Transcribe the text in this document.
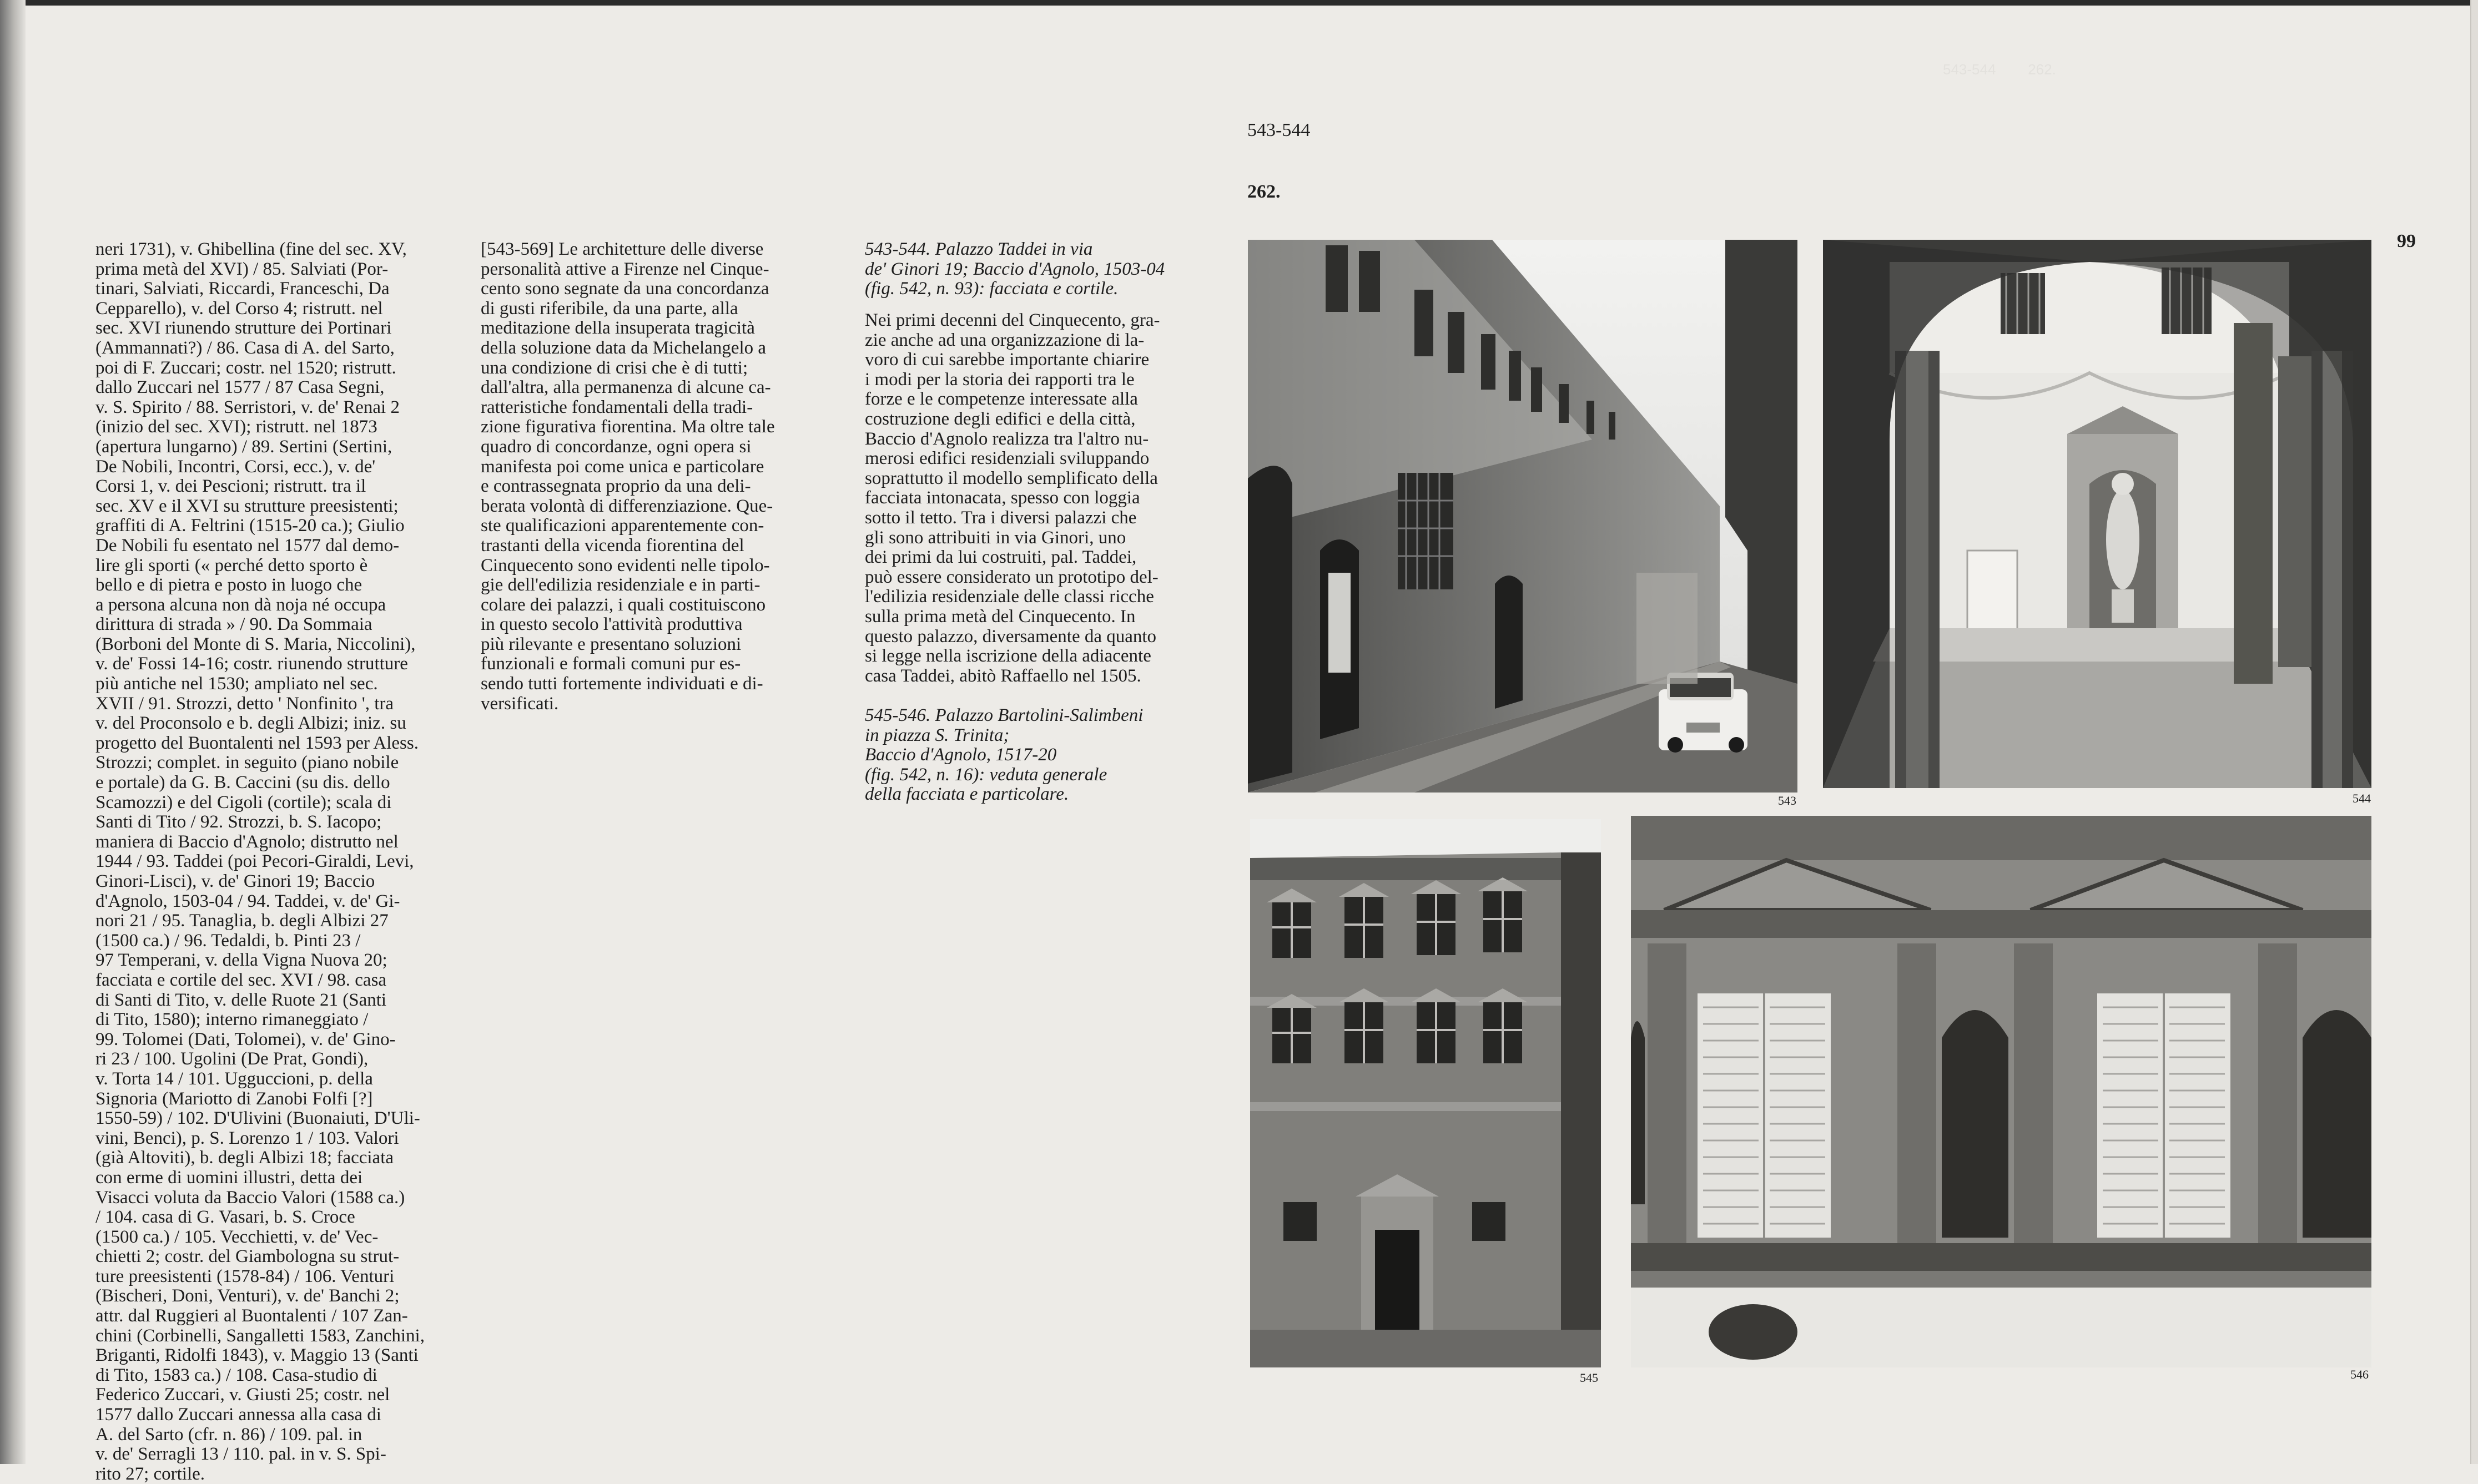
543-544        262.

543-544

262.

99
neri 1731), v. Ghibellina (fine del sec. XV,
prima metà del XVI) / 85. Salviati (Por-
tinari, Salviati, Riccardi, Franceschi, Da
Cepparello), v. del Corso 4; ristrutt. nel
sec. XVI riunendo strutture dei Portinari
(Ammannati?) / 86. Casa di A. del Sarto,
poi di F. Zuccari; costr. nel 1520; ristrutt.
dallo Zuccari nel 1577 / 87 Casa Segni,
v. S. Spirito / 88. Serristori, v. de' Renai 2
(inizio del sec. XVI); ristrutt. nel 1873
(apertura lungarno) / 89. Sertini (Sertini,
De Nobili, Incontri, Corsi, ecc.), v. de'
Corsi 1, v. dei Pescioni; ristrutt. tra il
sec. XV e il XVI su strutture preesistenti;
graffiti di A. Feltrini (1515-20 ca.); Giulio
De Nobili fu esentato nel 1577 dal demo-
lire gli sporti (« perché detto sporto è
bello e di pietra e posto in luogo che
a persona alcuna non dà noja né occupa
dirittura di strada » / 90. Da Sommaia
(Borboni del Monte di S. Maria, Niccolini),
v. de' Fossi 14-16; costr. riunendo strutture
più antiche nel 1530; ampliato nel sec.
XVII / 91. Strozzi, detto ' Nonfinito ', tra
v. del Proconsolo e b. degli Albizi; iniz. su
progetto del Buontalenti nel 1593 per Aless.
Strozzi; complet. in seguito (piano nobile
e portale) da G. B. Caccini (su dis. dello
Scamozzi) e del Cigoli (cortile); scala di
Santi di Tito / 92. Strozzi, b. S. Iacopo;
maniera di Baccio d'Agnolo; distrutto nel
1944 / 93. Taddei (poi Pecori-Giraldi, Levi,
Ginori-Lisci), v. de' Ginori 19; Baccio
d'Agnolo, 1503-04 / 94. Taddei, v. de' Gi-
nori 21 / 95. Tanaglia, b. degli Albizi 27
(1500 ca.) / 96. Tedaldi, b. Pinti 23 /
97 Temperani, v. della Vigna Nuova 20;
facciata e cortile del sec. XVI / 98. casa
di Santi di Tito, v. delle Ruote 21 (Santi
di Tito, 1580); interno rimaneggiato /
99. Tolomei (Dati, Tolomei), v. de' Gino-
ri 23 / 100. Ugolini (De Prat, Gondi),
v. Torta 14 / 101. Ugguccioni, p. della
Signoria (Mariotto di Zanobi Folfi [?]
1550-59) / 102. D'Ulivini (Buonaiuti, D'Uli-
vini, Benci), p. S. Lorenzo 1 / 103. Valori
(già Altoviti), b. degli Albizi 18; facciata
con erme di uomini illustri, detta dei
Visacci voluta da Baccio Valori (1588 ca.)
/ 104. casa di G. Vasari, b. S. Croce
(1500 ca.) / 105. Vecchietti, v. de' Vec-
chietti 2; costr. del Giambologna su strut-
ture preesistenti (1578-84) / 106. Venturi
(Bischeri, Doni, Venturi), v. de' Banchi 2;
attr. dal Ruggieri al Buontalenti / 107 Zan-
chini (Corbinelli, Sangalletti 1583, Zanchini,
Briganti, Ridolfi 1843), v. Maggio 13 (Santi
di Tito, 1583 ca.) / 108. Casa-studio di
Federico Zuccari, v. Giusti 25; costr. nel
1577 dallo Zuccari annessa alla casa di
A. del Sarto (cfr. n. 86) / 109. pal. in
v. de' Serragli 13 / 110. pal. in v. S. Spi-
rito 27; cortile.
[543-569] Le architetture delle diverse
personalità attive a Firenze nel Cinque-
cento sono segnate da una concordanza
di gusti riferibile, da una parte, alla
meditazione della insuperata tragicità
della soluzione data da Michelangelo a
una condizione di crisi che è di tutti;
dall'altra, alla permanenza di alcune ca-
ratteristiche fondamentali della tradi-
zione figurativa fiorentina. Ma oltre tale
quadro di concordanze, ogni opera si
manifesta poi come unica e particolare
e contrassegnata proprio da una deli-
berata volontà di differenziazione. Que-
ste qualificazioni apparentemente con-
trastanti della vicenda fiorentina del
Cinquecento sono evidenti nelle tipolo-
gie dell'edilizia residenziale e in parti-
colare dei palazzi, i quali costituiscono
in questo secolo l'attività produttiva
più rilevante e presentano soluzioni
funzionali e formali comuni pur es-
sendo tutti fortemente individuati e di-
versificati.
543-544. Palazzo Taddei in via
de' Ginori 19; Baccio d'Agnolo, 1503-04
(fig. 542, n. 93): facciata e cortile.
Nei primi decenni del Cinquecento, gra-
zie anche ad una organizzazione di la-
voro di cui sarebbe importante chiarire
i modi per la storia dei rapporti tra le
forze e le competenze interessate alla
costruzione degli edifici e della città,
Baccio d'Agnolo realizza tra l'altro nu-
merosi edifici residenziali sviluppando
soprattutto il modello semplificato della
facciata intonacata, spesso con loggia
sotto il tetto. Tra i diversi palazzi che
gli sono attribuiti in via Ginori, uno
dei primi da lui costruiti, pal. Taddei,
può essere considerato un prototipo del-
l'edilizia residenziale delle classi ricche
sulla prima metà del Cinquecento. In
questo palazzo, diversamente da quanto
si legge nella iscrizione della adiacente
casa Taddei, abitò Raffaello nel 1505.
545-546. Palazzo Bartolini-Salimbeni
in piazza S. Trinita;
Baccio d'Agnolo, 1517-20
(fig. 542, n. 16): veduta generale
della facciata e particolare.	543	544
545	546
